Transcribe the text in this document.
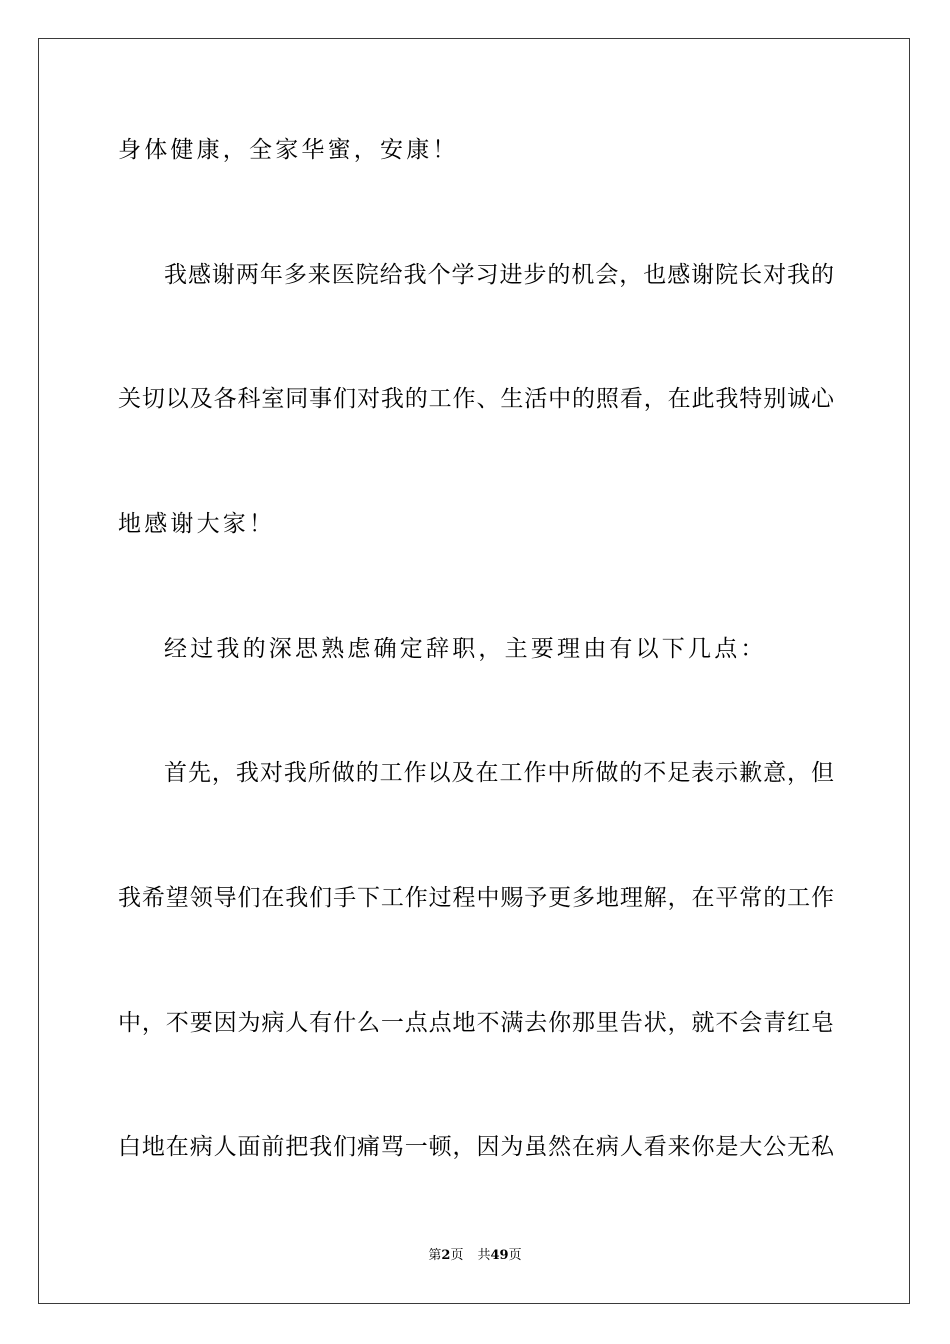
身体健康，全家华蜜，安康！
我感谢两年多来医院给我个学习进步的机会，也感谢院长对我的
关切以及各科室同事们对我的工作、生活中的照看，在此我特别诚心
地感谢大家！
经过我的深思熟虑确定辞职，主要理由有以下几点：
首先，我对我所做的工作以及在工作中所做的不足表示歉意，但
我希望领导们在我们手下工作过程中赐予更多地理解，在平常的工作
中，不要因为病人有什么一点点地不满去你那里告状，就不会青红皂
白地在病人面前把我们痛骂一顿，因为虽然在病人看来你是大公无私
第2页 共49页
